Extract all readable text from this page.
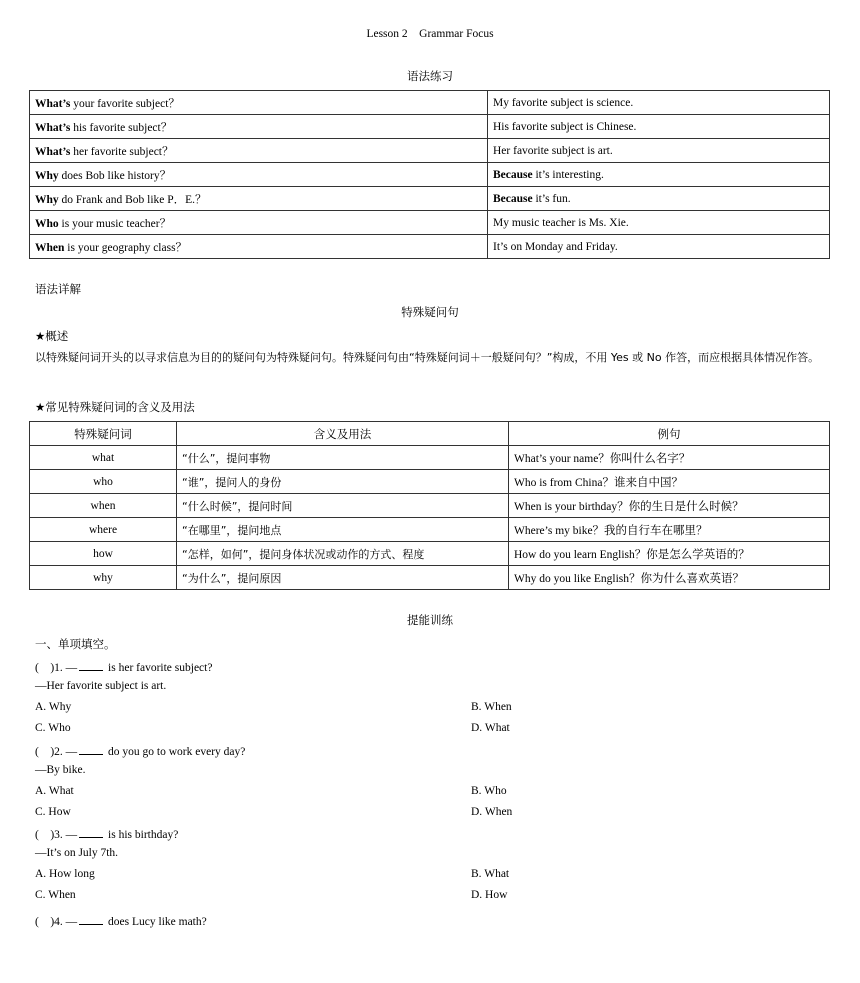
Lesson 2　Grammar Focus
语法练习
What’s your favorite subject？	My favorite subject is science.
What’s his favorite subject？	His favorite subject is Chinese.
What’s her favorite subject？	Her favorite subject is art.
Why does Bob like history？	Because it’s interesting.
Why do Frank and Bob like P．E.？	Because it’s fun.
Who is your music teacher？	My music teacher is Ms. Xie.
When is your geography class？	It’s on Monday and Friday.
语法详解
特殊疑问句
★概述
以特殊疑问词开头的以寻求信息为目的的疑问句为特殊疑问句。特殊疑问句由“特殊疑问词＋一般疑问句？”构成，不用 Yes 或 No 作答，而应根据具体情况作答。
★常见特殊疑问词的含义及用法
特殊疑问词	含义及用法	例句
what	“什么”，提问事物	What’s your name？你叫什么名字？
who	“谁”，提问人的身份	Who is from China？谁来自中国？
when	“什么时候”，提问时间	When is your birthday？你的生日是什么时候？
where	“在哪里”，提问地点	Where’s my bike？我的自行车在哪里？
how	“怎样，如何”，提问身体状况或动作的方式、程度	How do you learn English？你是怎么学英语的？
why	“为什么”，提问原因	Why do you like English？你为什么喜欢英语？
提能训练
一、单项填空。
(　)1. — is her favorite subject?
—Her favorite subject is art.
A. Why	B. When
C. Who	D. What
(　)2. — do you go to work every day?
—By bike.
A. What	B. Who
C. How	D. When
(　)3. — is his birthday?
—It’s on July 7th.
A. How long	B. What
C. When	D. How
(　)4. — does Lucy like math?
